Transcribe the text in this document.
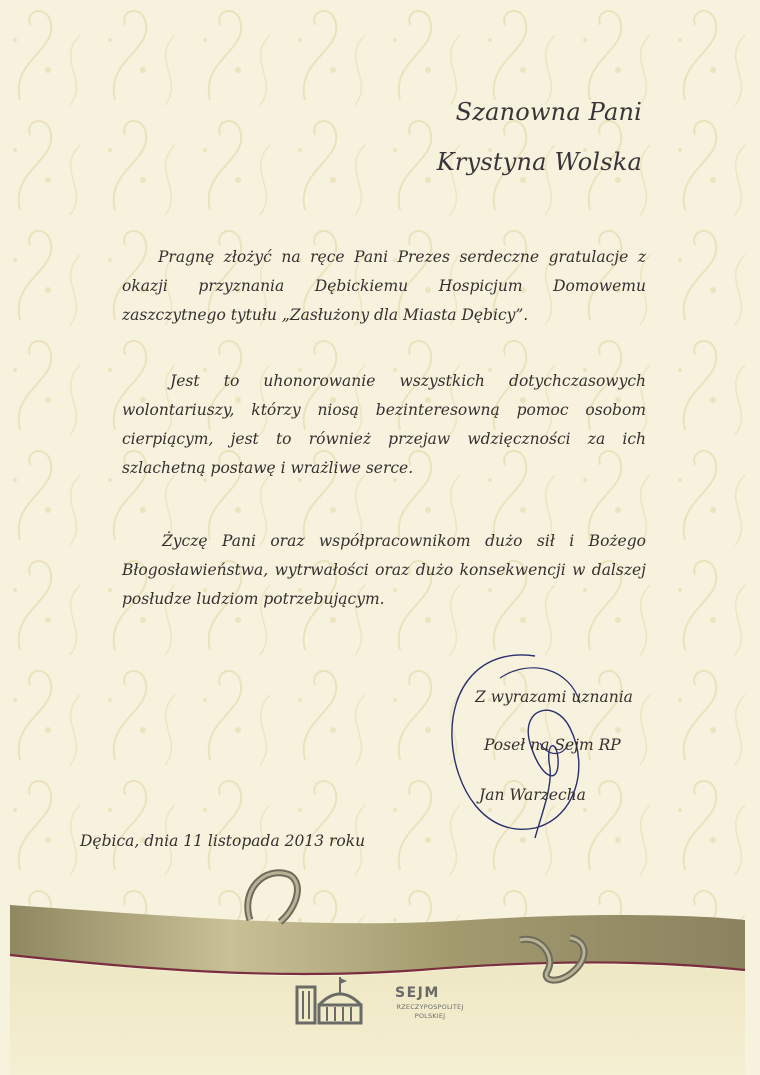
Szanowna Pani
Krystyna Wolska

Pragnę złożyć na ręce Pani Prezes serdeczne gratulacje z okazji przyznania Dębickiemu Hospicjum Domowemu zaszczytnego tytułu „Zasłużony dla Miasta Dębicy”.

Jest to uhonorowanie wszystkich dotychczasowych wolontariuszy, którzy niosą bezinteresowną pomoc osobom cierpiącym, jest to również przejaw wdzięczności za ich szlachetną postawę i wrażliwe serce.

Życzę Pani oraz współpracownikom dużo sił i Bożego Błogosławieństwa, wytrwałości oraz dużo konsekwencji w dalszej posłudze ludziom potrzebującym.

Z wyrazami uznania
Poseł na Sejm RP
Jan Warzecha
Dębica, dnia 11 listopada 2013 roku
SEJM
RZECZYPOSPOLITEJ
POLSKIEJ
